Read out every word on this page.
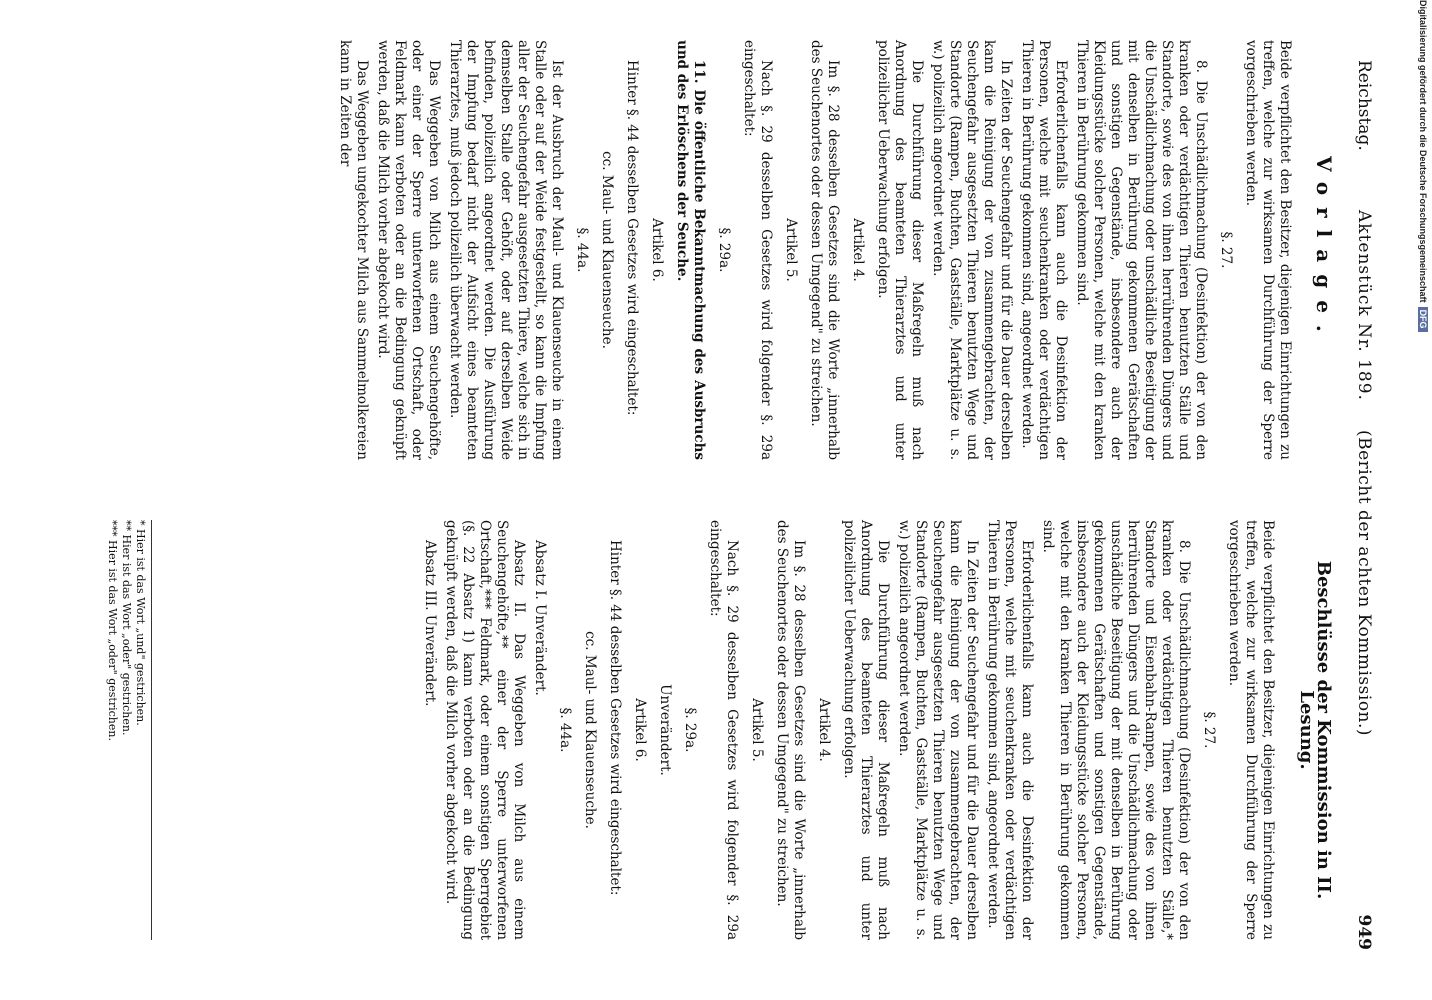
Reichstag.
Aktenstück Nr. 189.
(Bericht der achten Kommission.)
949
Vorlage.
Beide verpflichtet den Besitzer, diejenigen Einrichtungen zu treffen, welche zur wirksamen Durchführung der Sperre vorgeschrieben werden.
§. 27.
8. Die Unschädlichmachung (Desinfektion) der von den kranken oder verdächtigen Thieren benutzten Ställe und Standorte, sowie des von ihnen herrührenden Düngers und die Unschädlichmachung oder unschädliche Beseitigung der mit denselben in Berührung gekommenen Gerätschaften und sonstigen Gegenstände, insbesondere auch der Kleidungsstücke solcher Personen, welche mit den kranken Thieren in Berührung gekommen sind.
Erforderlichenfalls kann auch die Desinfektion der Personen, welche mit seuchenkranken oder verdächtigen Thieren in Berührung gekommen sind, angeordnet werden.
In Zeiten der Seuchengefahr und für die Dauer derselben kann die Reinigung der von zusammengebrachten, der Seuchengefahr ausgesetzten Thieren benutzten Wege und Standorte (Rampen, Buchten, Gastställe, Marktplätze u. s. w.) polizeilich angeordnet werden.
Die Durchführung dieser Maßregeln muß nach Anordnung des beamteten Thierarztes und unter polizeilicher Ueberwachung erfolgen.
Artikel 4.
Im §. 28 desselben Gesetzes sind die Worte „innerhalb des Seuchenortes oder dessen Umgegend" zu streichen.
Artikel 5.
Nach §. 29 desselben Gesetzes wird folgender §. 29a eingeschaltet:
§. 29a.
11. Die öffentliche Bekanntmachung des Ausbruchs und des Erlöschens der Seuche.
Artikel 6.
Hinter §. 44 desselben Gesetzes wird eingeschaltet:
cc. Maul- und Klauenseuche.
§. 44a.
Ist der Ausbruch der Maul- und Klauenseuche in einem Stalle oder auf der Weide festgestellt, so kann die Impfung aller der Seuchengefahr ausgesetzten Thiere, welche sich in demselben Stalle oder Gehöft, oder auf derselben Weide befinden, polizeilich angeordnet werden. Die Ausführung der Impfung bedarf nicht der Aufsicht eines beamteten Thierarztes, muß jedoch polizeilich überwacht werden.
Das Weggeben von Milch aus einem Seuchengehöfte, oder einer der Sperre unterworfenen Ortschaft, oder Feldmark kann verboten oder an die Bedingung geknüpft werden, daß die Milch vorher abgekocht wird.
Das Weggeben ungekochter Milch aus Sammelmolkereien kann in Zeiten der
Beschlüsse der Kommission in II. Lesung.
Beide verpflichtet den Besitzer, diejenigen Einrichtungen zu treffen, welche zur wirksamen Durchführung der Sperre vorgeschrieben werden.
§. 27.
8. Die Unschädlichmachung (Desinfektion) der von den kranken oder verdächtigen Thieren benutzten Ställe,* Standorte und Eisenbahn-Rampen, sowie des von ihnen herrührenden Düngers und die Unschädlichmachung oder unschädliche Beseitigung der mit denselben in Berührung gekommenen Gerätschaften und sonstigen Gegenstände, insbesondere auch der Kleidungsstücke solcher Personen, welche mit den kranken Thieren in Berührung gekommen sind.
Erforderlichenfalls kann auch die Desinfektion der Personen, welche mit seuchenkranken oder verdächtigen Thieren in Berührung gekommen sind, angeordnet werden.
In Zeiten der Seuchengefahr und für die Dauer derselben kann die Reinigung der von zusammengebrachten, der Seuchengefahr ausgesetzten Thieren benutzten Wege und Standorte (Rampen, Buchten, Gastställe, Marktplätze u. s. w.) polizeilich angeordnet werden.
Die Durchführung dieser Maßregeln muß nach Anordnung des beamteten Thierarztes und unter polizeilicher Ueberwachung erfolgen.
Artikel 4.
Im §. 28 desselben Gesetzes sind die Worte „innerhalb des Seuchenortes oder dessen Umgegend" zu streichen.
Artikel 5.
Nach §. 29 desselben Gesetzes wird folgender §. 29a eingeschaltet:
§. 29a.
Unverändert.
Artikel 6.
Hinter §. 44 desselben Gesetzes wird eingeschaltet:
cc. Maul- und Klauenseuche.
§. 44a.
Absatz I. Unverändert.
Absatz II. Das Weggeben von Milch aus einem Seuchengehöfte,** einer der Sperre unterworfenen Ortschaft,*** Feldmark, oder einem sonstigen Sperrgebiet (§. 22 Absatz 1) kann verboten oder an die Bedingung geknüpft werden, daß die Milch vorher abgekocht wird.
Absatz III. Unverändert.
* Hier ist das Wort „und" gestrichen.
** Hier ist das Wort „oder" gestrichen.
*** Hier ist das Wort „oder" gestrichen.
Digitalisierung gefördert durch die Deutsche ForschungsgemeinschaftDFG
